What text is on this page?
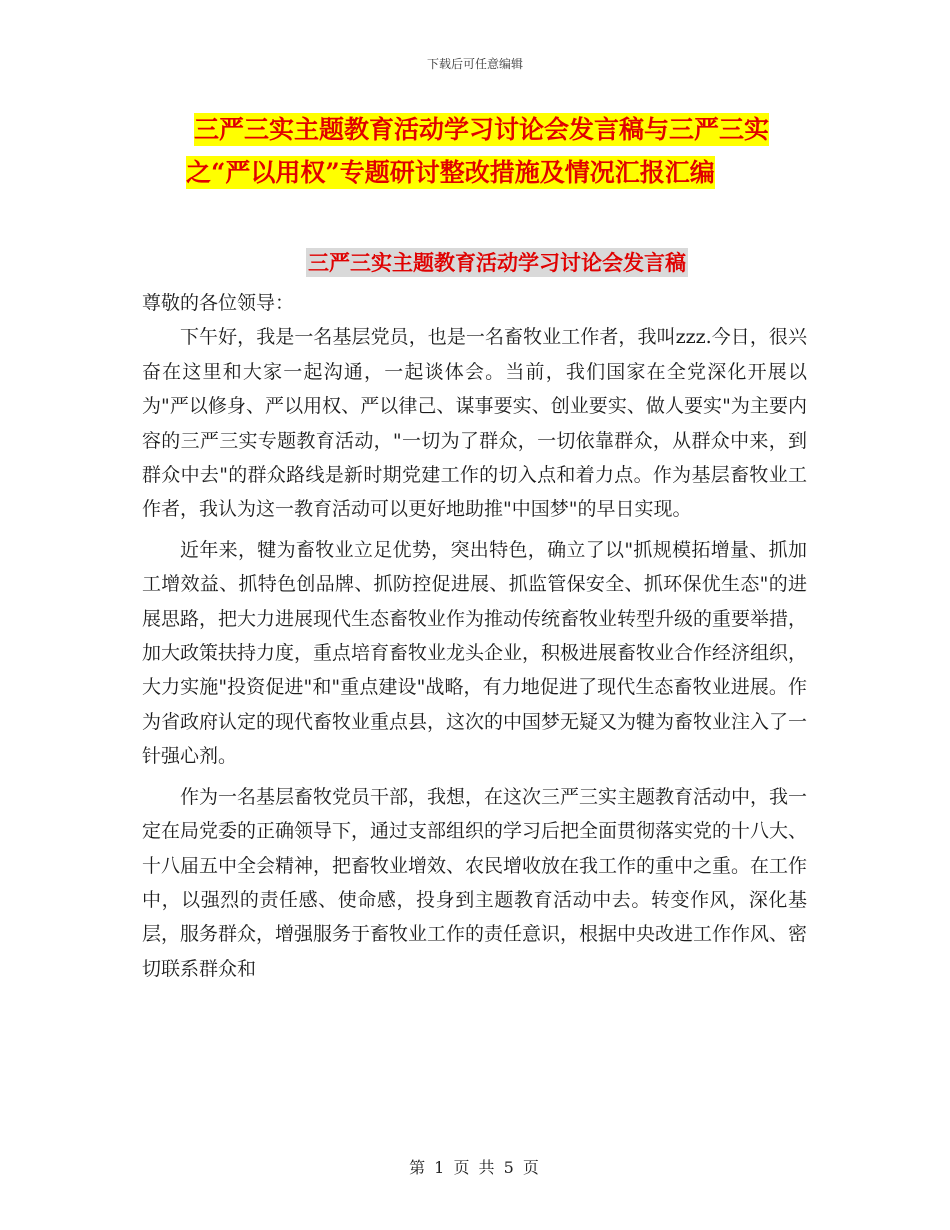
下载后可任意编辑
三严三实主题教育活动学习讨论会发言稿与三严三实
之“严以用权”专题研讨整改措施及情况汇报汇编
三严三实主题教育活动学习讨论会发言稿

尊敬的各位领导：

下午好，我是一名基层党员，也是一名畜牧业工作者，我叫zzz.今日，很兴奋在这里和大家一起沟通，一起谈体会。当前，我们国家在全党深化开展以为"严以修身、严以用权、严以律己、谋事要实、创业要实、做人要实"为主要内容的三严三实专题教育活动，"一切为了群众，一切依靠群众，从群众中来，到群众中去"的群众路线是新时期党建工作的切入点和着力点。作为基层畜牧业工作者，我认为这一教育活动可以更好地助推"中国梦"的早日实现。

近年来，犍为畜牧业立足优势，突出特色，确立了以"抓规模拓增量、抓加工增效益、抓特色创品牌、抓防控促进展、抓监管保安全、抓环保优生态"的进展思路，把大力进展现代生态畜牧业作为推动传统畜牧业转型升级的重要举措，加大政策扶持力度，重点培育畜牧业龙头企业，积极进展畜牧业合作经济组织，大力实施"投资促进"和"重点建设"战略，有力地促进了现代生态畜牧业进展。作为省政府认定的现代畜牧业重点县，这次的中国梦无疑又为犍为畜牧业注入了一针强心剂。

作为一名基层畜牧党员干部，我想，在这次三严三实主题教育活动中，我一定在局党委的正确领导下，通过支部组织的学习后把全面贯彻落实党的十八大、十八届五中全会精神，把畜牧业增效、农民增收放在我工作的重中之重。在工作中，以强烈的责任感、使命感，投身到主题教育活动中去。转变作风，深化基层，服务群众，增强服务于畜牧业工作的责任意识，根据中央改进工作作风、密切联系群众和

第 1 页 共 5 页
